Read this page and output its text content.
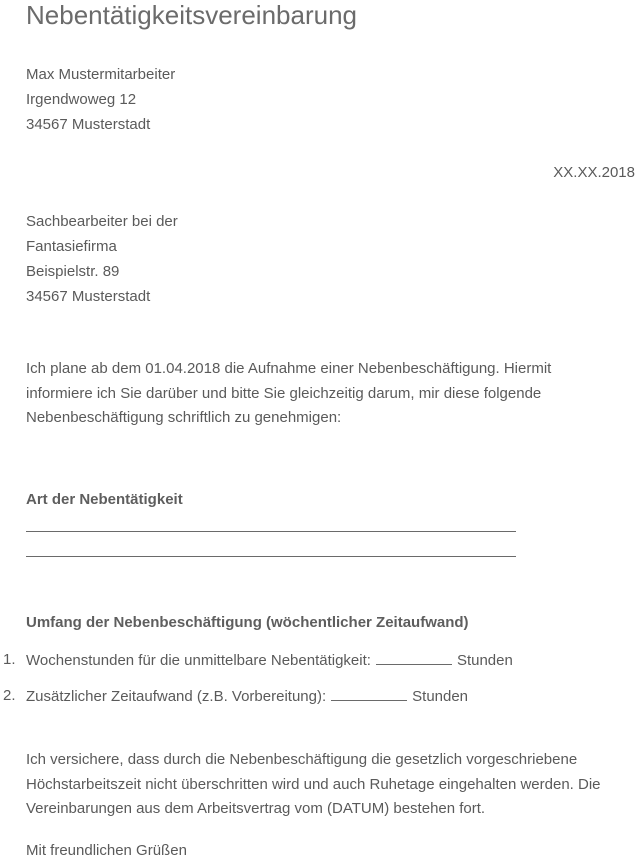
Nebentätigkeitsvereinbarung
Max Mustermitarbeiter
Irgendwoweg 12
34567 Musterstadt
XX.XX.2018
Sachbearbeiter bei der
Fantasiefirma
Beispielstr. 89
34567 Musterstadt
Ich plane ab dem 01.04.2018 die Aufnahme einer Nebenbeschäftigung. Hiermit informiere ich Sie darüber und bitte Sie gleichzeitig darum, mir diese folgende Nebenbeschäftigung schriftlich zu genehmigen:
Art der Nebentätigkeit
Umfang der Nebenbeschäftigung (wöchentlicher Zeitaufwand)
1. Wochenstunden für die unmittelbare Nebentätigkeit:	Stunden
2. Zusätzlicher Zeitaufwand (z.B. Vorbereitung):	Stunden
Ich versichere, dass durch die Nebenbeschäftigung die gesetzlich vorgeschriebene Höchstarbeitszeit nicht überschritten wird und auch Ruhetage eingehalten werden. Die Vereinbarungen aus dem Arbeitsvertrag vom (DATUM) bestehen fort.
Mit freundlichen Grüßen
